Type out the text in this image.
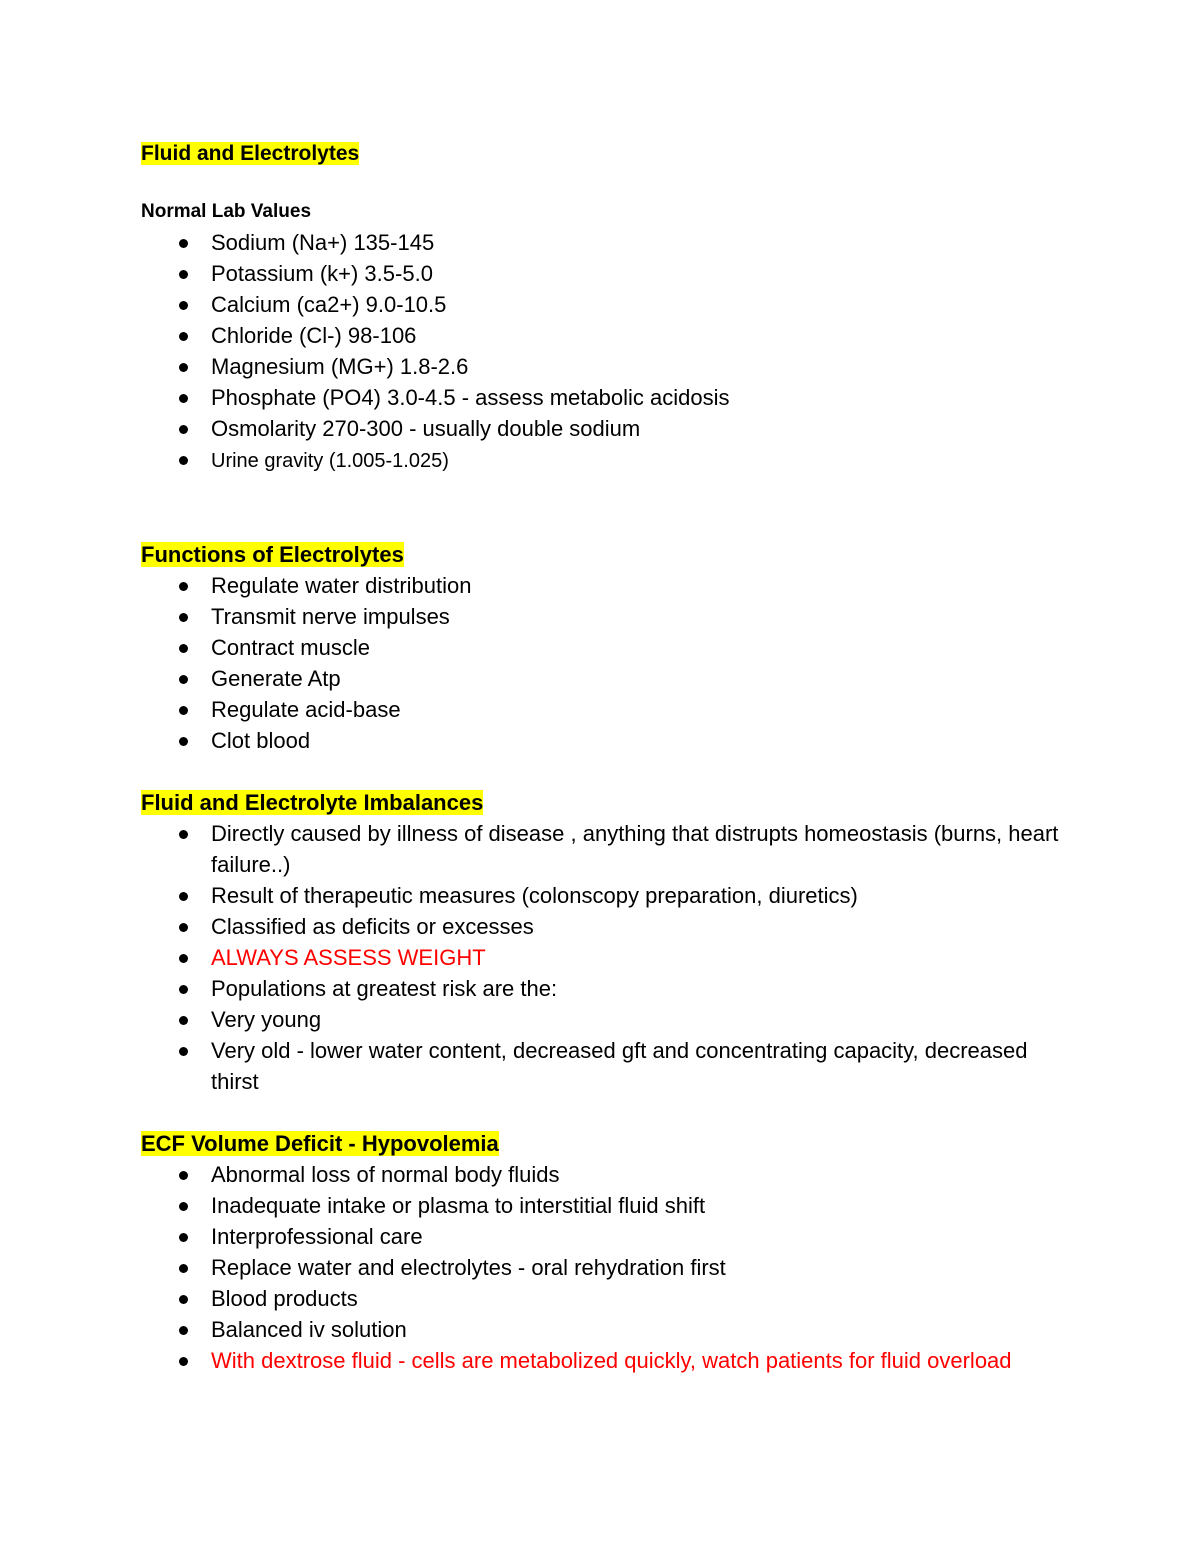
Fluid and Electrolytes
Normal Lab Values
Sodium (Na+) 135-145
Potassium (k+) 3.5-5.0
Calcium (ca2+) 9.0-10.5
Chloride (Cl-) 98-106
Magnesium (MG+) 1.8-2.6
Phosphate (PO4) 3.0-4.5 - assess metabolic acidosis
Osmolarity 270-300 - usually double sodium
Urine gravity (1.005-1.025)
Functions of Electrolytes
Regulate water distribution
Transmit nerve impulses
Contract muscle
Generate Atp
Regulate acid-base
Clot blood
Fluid and Electrolyte Imbalances
Directly caused by illness of disease , anything that distrupts homeostasis (burns, heart failure..)
Result of therapeutic measures (colonscopy preparation, diuretics)
Classified as deficits or excesses
ALWAYS ASSESS WEIGHT
Populations at greatest risk are the:
Very young
Very old - lower water content, decreased gft and concentrating capacity, decreased thirst
ECF Volume Deficit - Hypovolemia
Abnormal loss of normal body fluids
Inadequate intake or plasma to interstitial fluid shift
Interprofessional care
Replace water and electrolytes - oral rehydration first
Blood products
Balanced iv solution
With dextrose fluid - cells are metabolized quickly, watch patients for fluid overload
